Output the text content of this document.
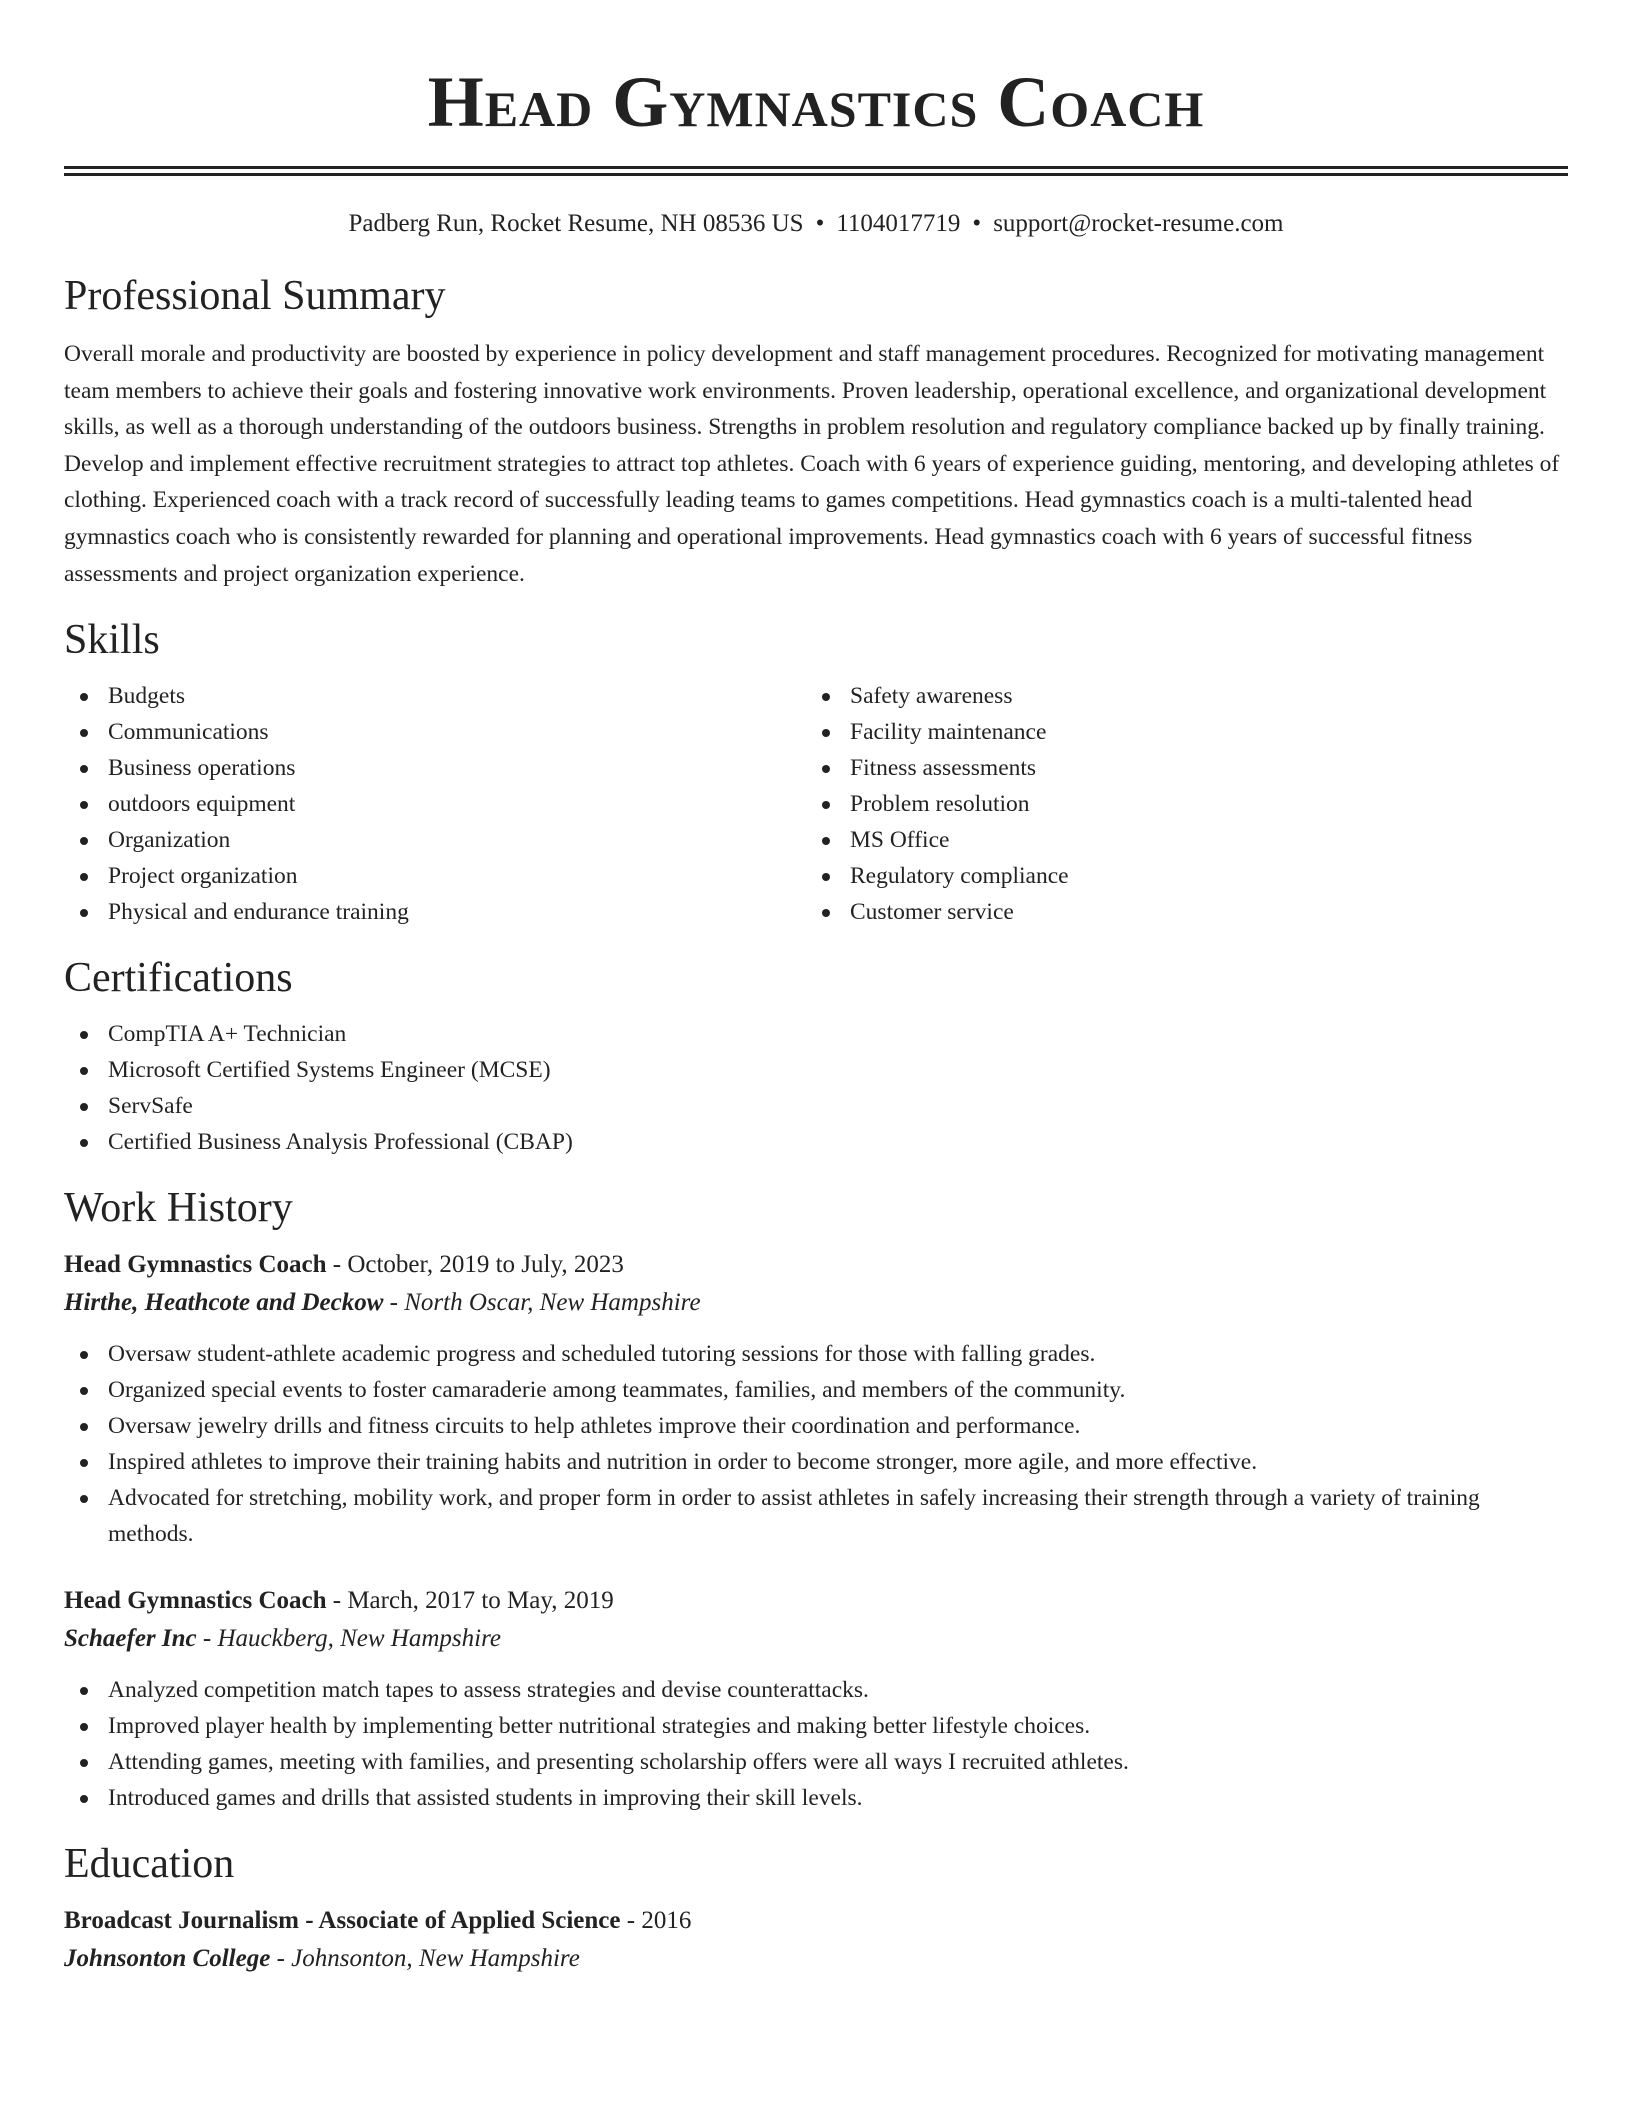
Head Gymnastics Coach
Padberg Run, Rocket Resume, NH 08536 US • 1104017719 • support@rocket-resume.com
Professional Summary

Overall morale and productivity are boosted by experience in policy development and staff management procedures. Recognized for motivating management team members to achieve their goals and fostering innovative work environments. Proven leadership, operational excellence, and organizational development skills, as well as a thorough understanding of the outdoors business. Strengths in problem resolution and regulatory compliance backed up by finally training. Develop and implement effective recruitment strategies to attract top athletes. Coach with 6 years of experience guiding, mentoring, and developing athletes of clothing. Experienced coach with a track record of successfully leading teams to games competitions. Head gymnastics coach is a multi-talented head gymnastics coach who is consistently rewarded for planning and operational improvements. Head gymnastics coach with 6 years of successful fitness assessments and project organization experience.

Skills
Budgets
Communications
Business operations
outdoors equipment
Organization
Project organization
Physical and endurance training
Safety awareness
Facility maintenance
Fitness assessments
Problem resolution
MS Office
Regulatory compliance
Customer service
Certifications
CompTIA A+ Technician
Microsoft Certified Systems Engineer (MCSE)
ServSafe
Certified Business Analysis Professional (CBAP)
Work History
Head Gymnastics Coach - October, 2019 to July, 2023
Hirthe, Heathcote and Deckow - North Oscar, New Hampshire
Oversaw student-athlete academic progress and scheduled tutoring sessions for those with falling grades.
Organized special events to foster camaraderie among teammates, families, and members of the community.
Oversaw jewelry drills and fitness circuits to help athletes improve their coordination and performance.
Inspired athletes to improve their training habits and nutrition in order to become stronger, more agile, and more effective.
Advocated for stretching, mobility work, and proper form in order to assist athletes in safely increasing their strength through a variety of training methods.
Head Gymnastics Coach - March, 2017 to May, 2019
Schaefer Inc - Hauckberg, New Hampshire
Analyzed competition match tapes to assess strategies and devise counterattacks.
Improved player health by implementing better nutritional strategies and making better lifestyle choices.
Attending games, meeting with families, and presenting scholarship offers were all ways I recruited athletes.
Introduced games and drills that assisted students in improving their skill levels.
Education
Broadcast Journalism - Associate of Applied Science - 2016
Johnsonton College - Johnsonton, New Hampshire
